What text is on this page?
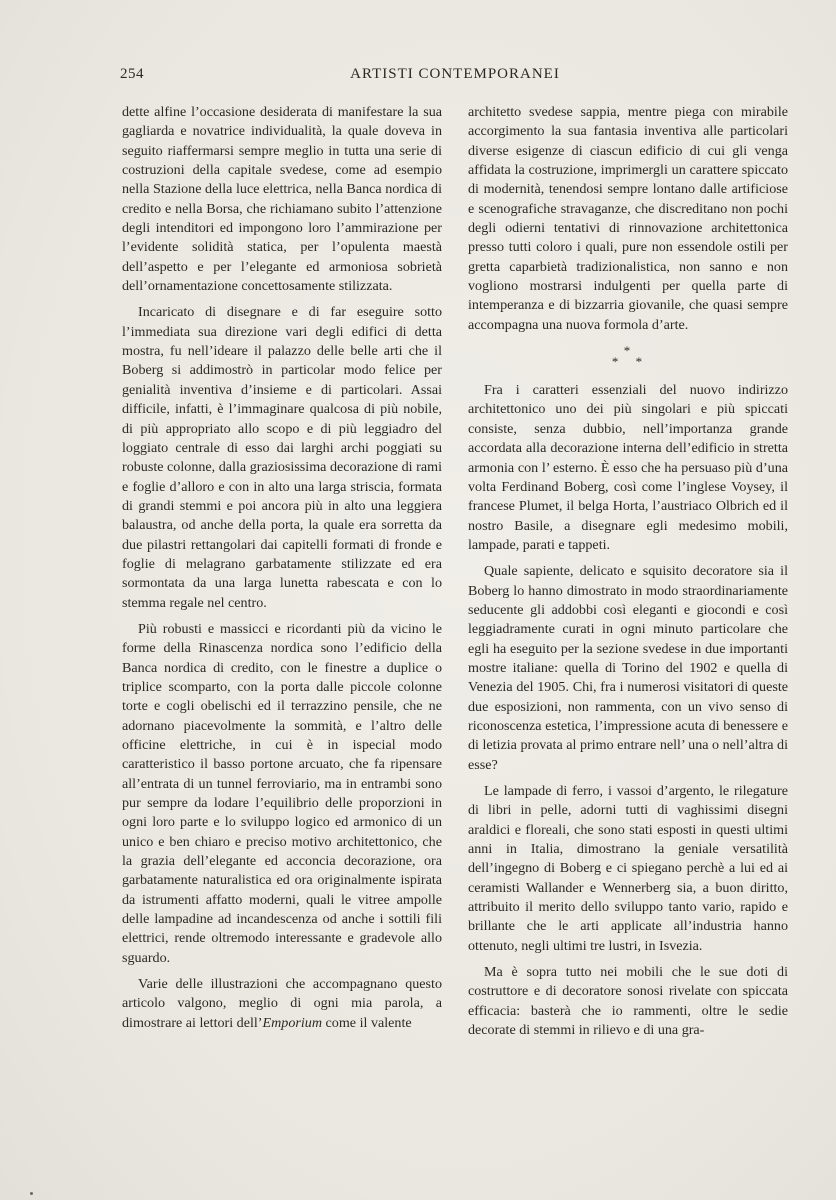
254	ARTISTI CONTEMPORANEI

dette alfine l’occasione desiderata di manifestare la sua gagliarda e novatrice individualità, la quale doveva in seguito riaffermarsi sempre meglio in tutta una serie di costruzioni della capitale svedese, come ad esempio nella Stazione della luce elettrica, nella Banca nordica di credito e nella Borsa, che richiamano subito l’attenzione degli intenditori ed impongono loro l’ammirazione per l’evidente solidità statica, per l’opulenta maestà dell’aspetto e per l’elegante ed armoniosa sobrietà dell’ornamentazione concettosamente stilizzata.

Incaricato di disegnare e di far eseguire sotto l’immediata sua direzione vari degli edifici di detta mostra, fu nell’ideare il palazzo delle belle arti che il Boberg si addimostrò in particolar modo felice per genialità inventiva d’insieme e di particolari. Assai difficile, infatti, è l’immaginare qualcosa di più nobile, di più appropriato allo scopo e di più leggiadro del loggiato centrale di esso dai larghi archi poggiati su robuste colonne, dalla graziosissima decorazione di rami e foglie d’alloro e con in alto una larga striscia, formata di grandi stemmi e poi ancora più in alto una leggiera balaustra, od anche della porta, la quale era sorretta da due pilastri rettangolari dai capitelli formati di fronde e foglie di melagrano garbatamente stilizzate ed era sormontata da una larga lunetta rabescata e con lo stemma regale nel centro.

Più robusti e massicci e ricordanti più da vicino le forme della Rinascenza nordica sono l’edificio della Banca nordica di credito, con le finestre a duplice o triplice scomparto, con la porta dalle piccole colonne torte e cogli obelischi ed il terrazzino pensile, che ne adornano piacevolmente la sommità, e l’altro delle officine elettriche, in cui è in ispecial modo caratteristico il basso portone arcuato, che fa ripensare all’entrata di un tunnel ferroviario, ma in entrambi sono pur sempre da lodare l’equilibrio delle proporzioni in ogni loro parte e lo sviluppo logico ed armonico di un unico e ben chiaro e preciso motivo architettonico, che la grazia dell’elegante ed acconcia decorazione, ora garbatamente naturalistica ed ora originalmente ispirata da istrumenti affatto moderni, quali le vitree ampolle delle lampadine ad incandescenza od anche i sottili fili elettrici, rende oltremodo interessante e gradevole allo sguardo.

Varie delle illustrazioni che accompagnano questo articolo valgono, meglio di ogni mia parola, a dimostrare ai lettori dell’Emporium come il valente

architetto svedese sappia, mentre piega con mirabile accorgimento la sua fantasia inventiva alle particolari diverse esigenze di ciascun edificio di cui gli venga affidata la costruzione, imprimergli un carattere spiccato di modernità, tenendosi sempre lontano dalle artificiose e scenografiche stravaganze, che discreditano non pochi degli odierni tentativi di rinnovazione architettonica presso tutti coloro i quali, pure non essendole ostili per gretta caparbietà tradizionalistica, non sanno e non vogliono mostrarsi indulgenti per quella parte di intemperanza e di bizzarria giovanile, che quasi sempre accompagna una nuova formola d’arte.

*
* *

Fra i caratteri essenziali del nuovo indirizzo architettonico uno dei più singolari e più spiccati consiste, senza dubbio, nell’importanza grande accordata alla decorazione interna dell’edificio in stretta armonia con l’ esterno. È esso che ha persuaso più d’una volta Ferdinand Boberg, così come l’inglese Voysey, il francese Plumet, il belga Horta, l’austriaco Olbrich ed il nostro Basile, a disegnare egli medesimo mobili, lampade, parati e tappeti.

Quale sapiente, delicato e squisito decoratore sia il Boberg lo hanno dimostrato in modo straordinariamente seducente gli addobbi così eleganti e giocondi e così leggiadramente curati in ogni minuto particolare che egli ha eseguito per la sezione svedese in due importanti mostre italiane: quella di Torino del 1902 e quella di Venezia del 1905. Chi, fra i numerosi visitatori di queste due esposizioni, non rammenta, con un vivo senso di riconoscenza estetica, l’impressione acuta di benessere e di letizia provata al primo entrare nell’ una o nell’altra di esse?

Le lampade di ferro, i vassoi d’argento, le rilegature di libri in pelle, adorni tutti di vaghissimi disegni araldici e floreali, che sono stati esposti in questi ultimi anni in Italia, dimostrano la geniale versatilità dell’ingegno di Boberg e ci spiegano perchè a lui ed ai ceramisti Wallander e Wennerberg sia, a buon diritto, attribuito il merito dello sviluppo tanto vario, rapido e brillante che le arti applicate all’industria hanno ottenuto, negli ultimi tre lustri, in Isvezia.

Ma è sopra tutto nei mobili che le sue doti di costruttore e di decoratore sonosi rivelate con spiccata efficacia: basterà che io rammenti, oltre le sedie decorate di stemmi in rilievo e di una gra-
